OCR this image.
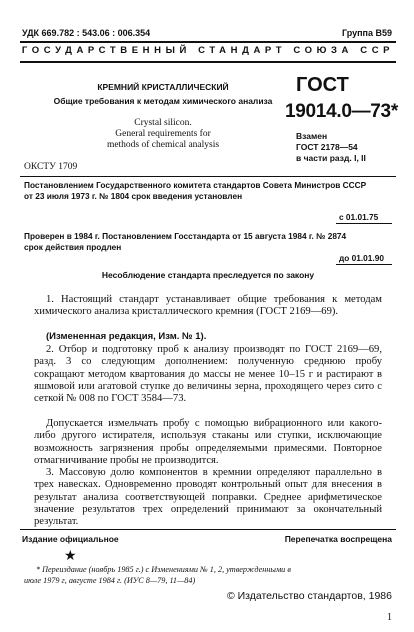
УДК 669.782 : 543.06 : 006.354	Группа В59
ГОСУДАРСТВЕННЫЙ СТАНДАРТ СОЮЗА ССР
КРЕМНИЙ КРИСТАЛЛИЧЕСКИЙ
Общие требования к методам химического анализа
Crystal silicon.
General requirements for
methods of chemical analysis
ОКСТУ 1709
ГОСТ
19014.0—73*
Взамен
ГОСТ 2178—54
в части разд. I, II
Постановлением Государственного комитета стандартов Совета Министров СССР
от 23 июля 1973 г. № 1804 срок введения установлен
с 01.01.75
Проверен в 1984 г. Постановлением Госстандарта от 15 августа 1984 г. № 2874
срок действия продлен
до 01.01.90
Несоблюдение стандарта преследуется по закону
1. Настоящий стандарт устанавливает общие требования к методам химического анализа кристаллического кремния (ГОСТ 2169—69).
(Измененная редакция, Изм. № 1).
2. Отбор и подготовку проб к анализу производят по ГОСТ 2169—69, разд. 3 со следующим дополнением: полученную среднюю пробу сокращают методом квартования до массы не менее 10–15 г и растирают в яшмовой или агатовой ступке до величины зерна, проходящего через сито с сеткой № 008 по ГОСТ 3584—73.
Допускается измельчать пробу с помощью вибрационного или какого-либо другого истирателя, используя стаканы или ступки, исключающие возможность загрязнения пробы определяемыми примесями. Повторное отмагничивание пробы не производится.
3. Массовую долю компонентов в кремнии определяют параллельно в трех навесках. Одновременно проводят контрольный опыт для внесения в результат анализа соответствующей поправки. Среднее арифметическое значение результатов трех определений принимают за окончательный результат.
Издание официальное	Перепечатка воспрещена
★
* Переиздание (ноябрь 1985 г.) с Изменениями № 1, 2, утвержденными в
июле 1979 г, августе 1984 г. (ИУС 8—79, 11—84)
© Издательство стандартов, 1986
1
